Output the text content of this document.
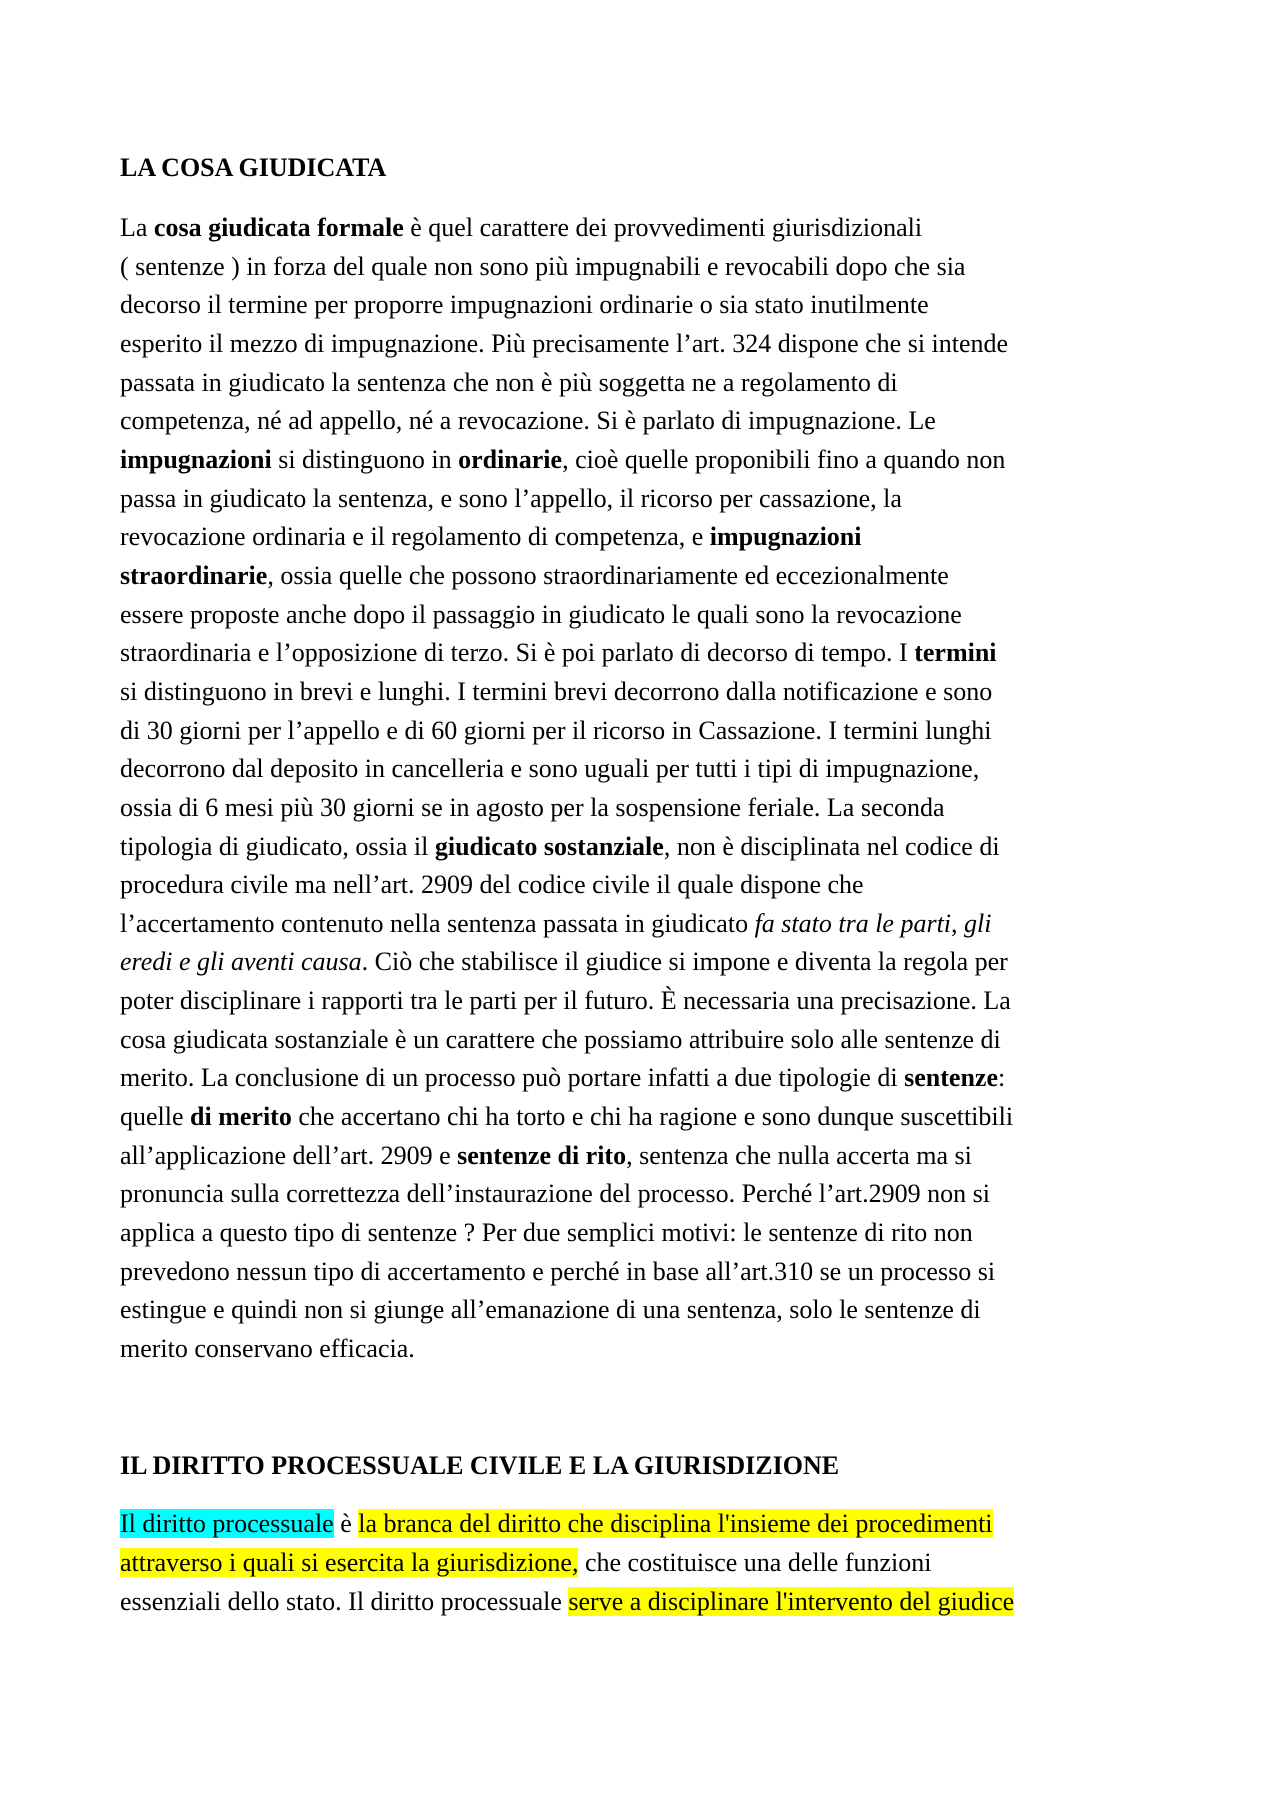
LA COSA GIUDICATA
La cosa giudicata formale è quel carattere dei provvedimenti giurisdizionali
( sentenze ) in forza del quale non sono più impugnabili e revocabili dopo che sia
decorso il termine per proporre impugnazioni ordinarie o sia stato inutilmente
esperito il mezzo di impugnazione. Più precisamente l’art. 324 dispone che si intende
passata in giudicato la sentenza che non è più soggetta ne a regolamento di
competenza, né ad appello, né a revocazione. Si è parlato di impugnazione. Le
impugnazioni si distinguono in ordinarie, cioè quelle proponibili fino a quando non
passa in giudicato la sentenza, e sono l’appello, il ricorso per cassazione, la
revocazione ordinaria e il regolamento di competenza, e impugnazioni
straordinarie, ossia quelle che possono straordinariamente ed eccezionalmente
essere proposte anche dopo il passaggio in giudicato le quali sono la revocazione
straordinaria e l’opposizione di terzo. Si è poi parlato di decorso di tempo. I termini
si distinguono in brevi e lunghi. I termini brevi decorrono dalla notificazione e sono
di 30 giorni per l’appello e di 60 giorni per il ricorso in Cassazione. I termini lunghi
decorrono dal deposito in cancelleria e sono uguali per tutti i tipi di impugnazione,
ossia di 6 mesi più 30 giorni se in agosto per la sospensione feriale. La seconda
tipologia di giudicato, ossia il giudicato sostanziale, non è disciplinata nel codice di
procedura civile ma nell’art. 2909 del codice civile il quale dispone che
l’accertamento contenuto nella sentenza passata in giudicato fa stato tra le parti, gli
eredi e gli aventi causa. Ciò che stabilisce il giudice si impone e diventa la regola per
poter disciplinare i rapporti tra le parti per il futuro. È necessaria una precisazione. La
cosa giudicata sostanziale è un carattere che possiamo attribuire solo alle sentenze di
merito. La conclusione di un processo può portare infatti a due tipologie di sentenze:
quelle di merito che accertano chi ha torto e chi ha ragione e sono dunque suscettibili
all’applicazione dell’art. 2909 e sentenze di rito, sentenza che nulla accerta ma si
pronuncia sulla correttezza dell’instaurazione del processo. Perché l’art.2909 non si
applica a questo tipo di sentenze ? Per due semplici motivi: le sentenze di rito non
prevedono nessun tipo di accertamento e perché in base all’art.310 se un processo si
estingue e quindi non si giunge all’emanazione di una sentenza, solo le sentenze di
merito conservano efficacia.
IL DIRITTO PROCESSUALE CIVILE E LA GIURISDIZIONE
Il diritto processuale è la branca del diritto che disciplina l'insieme dei procedimenti
attraverso i quali si esercita la giurisdizione, che costituisce una delle funzioni
essenziali dello stato. Il diritto processuale serve a disciplinare l'intervento del giudice
